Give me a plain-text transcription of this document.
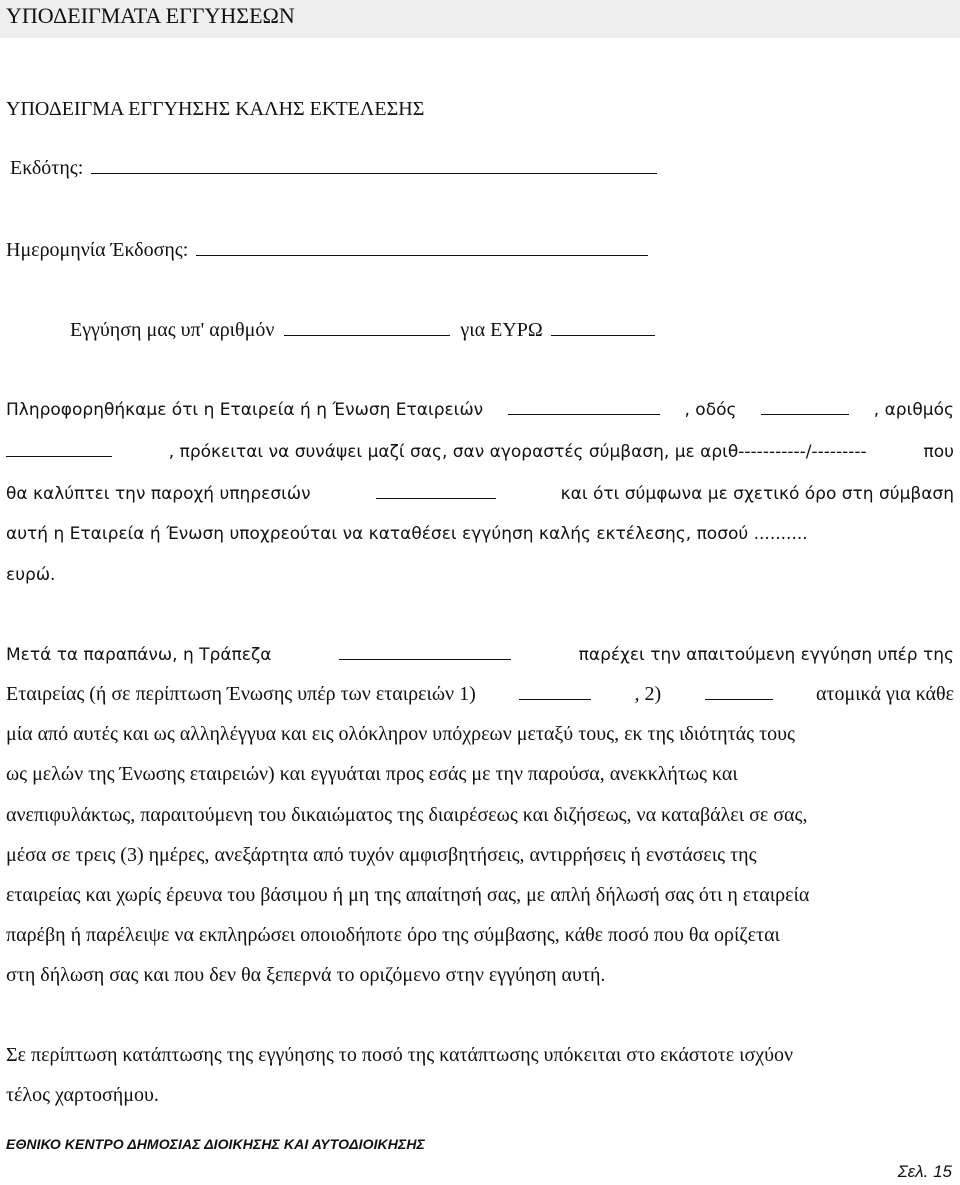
ΥΠΟΔΕΙΓΜΑΤΑ ΕΓΓΥΗΣΕΩΝ
ΥΠΟΔΕΙΓΜΑ ΕΓΓΥΗΣΗΣ ΚΑΛΗΣ ΕΚΤΕΛΕΣΗΣ
Εκδότης:
Ημερομηνία Έκδοσης:
Εγγύηση μας υπ' αριθμόν	για ΕΥΡΩ
Πληροφορηθήκαμε ότι η Εταιρεία ή η Ένωση Εταιρειών	, οδός	, αριθμός
, πρόκειται να συνάψει μαζί σας, σαν αγοραστές σύμβαση, με αριθ-----------/---------	που
θα καλύπτει την παροχή υπηρεσιών	και ότι σύμφωνα με σχετικό όρο στη σύμβαση
αυτή η Εταιρεία ή Ένωση υποχρεούται να καταθέσει εγγύηση καλής εκτέλεσης, ποσού ..........
ευρώ.
Μετά τα παραπάνω, η Τράπεζα	παρέχει την απαιτούμενη εγγύηση υπέρ της
Εταιρείας (ή σε περίπτωση Ένωσης υπέρ των εταιρειών 1)	, 2)	ατομικά για κάθε
μία από αυτές και ως αλληλέγγυα και εις ολόκληρον υπόχρεων μεταξύ τους, εκ της ιδιότητάς τους
ως μελών της Ένωσης εταιρειών) και εγγυάται προς εσάς με την παρούσα, ανεκκλήτως και
ανεπιφυλάκτως, παραιτούμενη του δικαιώματος της διαιρέσεως και διζήσεως, να καταβάλει σε σας,
μέσα σε τρεις (3) ημέρες, ανεξάρτητα από τυχόν αμφισβητήσεις, αντιρρήσεις ή ενστάσεις της
εταιρείας και χωρίς έρευνα του βάσιμου ή μη της απαίτησή σας, με απλή δήλωσή σας ότι η εταιρεία
παρέβη ή παρέλειψε να εκπληρώσει οποιοδήποτε όρο της σύμβασης, κάθε ποσό που θα ορίζεται
στη δήλωση σας και που δεν θα ξεπερνά το οριζόμενο στην εγγύηση αυτή.
Σε περίπτωση κατάπτωσης της εγγύησης το ποσό της κατάπτωσης υπόκειται στο εκάστοτε ισχύον
τέλος χαρτοσήμου.
ΕΘΝΙΚΟ ΚΕΝΤΡΟ ΔΗΜΟΣΙΑΣ ΔΙΟΙΚΗΣΗΣ ΚΑΙ ΑΥΤΟΔΙΟΙΚΗΣΗΣ
Σελ. 15
